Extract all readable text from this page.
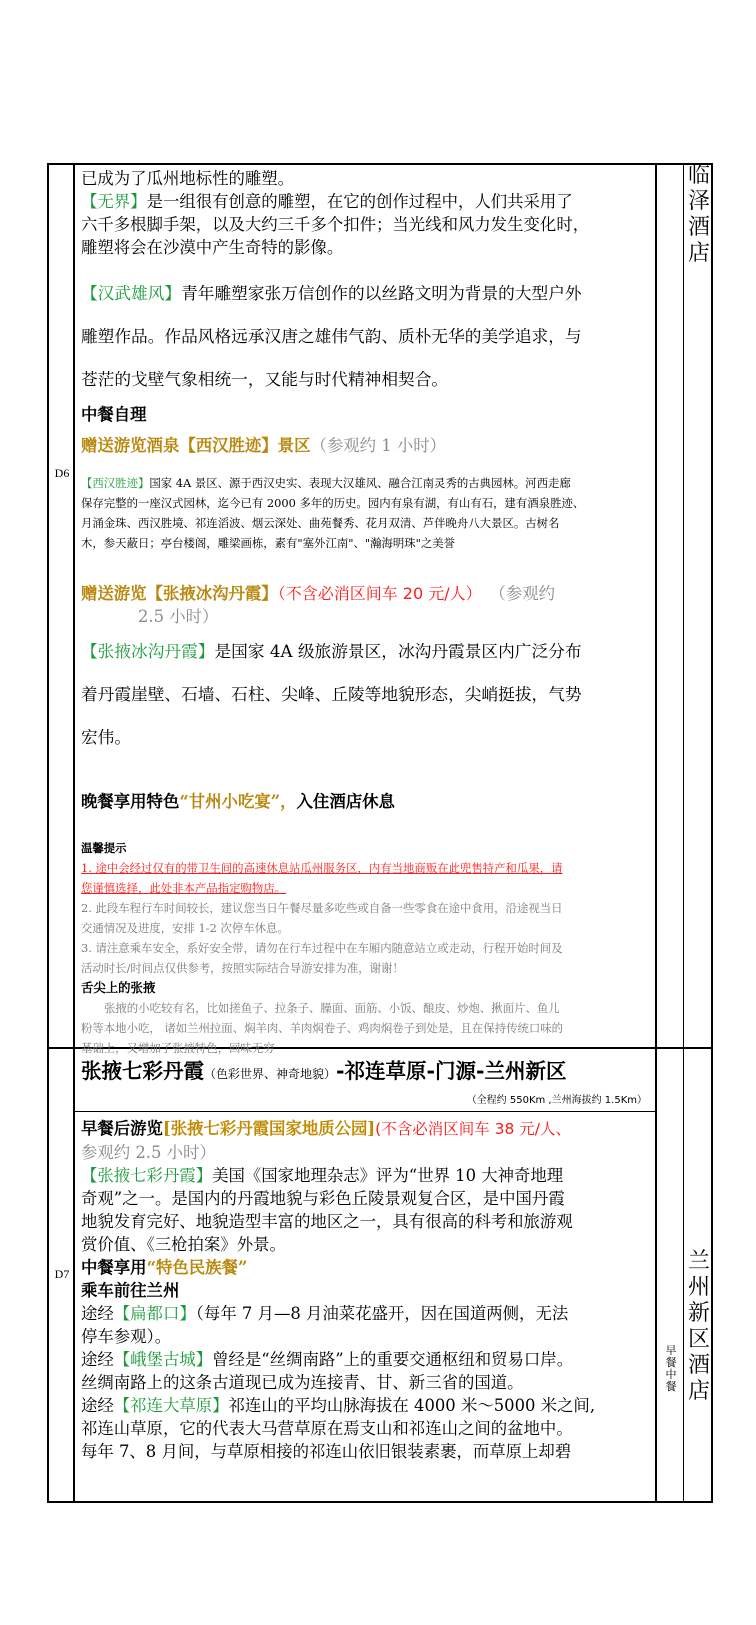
D6
临
泽
酒
店

已成为了瓜州地标性的雕塑。

【无界】是一组很有创意的雕塑，在它的创作过程中，人们共采用了

六千多根脚手架，以及大约三千多个扣件；当光线和风力发生变化时，

雕塑将会在沙漠中产生奇特的影像。

【汉武雄风】青年雕塑家张万信创作的以丝路文明为背景的大型户外

雕塑作品。作品风格远承汉唐之雄伟气韵、质朴无华的美学追求，与

苍茫的戈壁气象相统一，又能与时代精神相契合。

中餐自理

赠送游览酒泉【西汉胜迹】景区（参观约 1 小时）

【西汉胜迹】国家 4A 景区、源于西汉史实、表现大汉雄风、融合江南灵秀的古典园林。河西走廊

保存完整的一座汉式园林，迄今已有 2000 多年的历史。园内有泉有湖，有山有石，建有酒泉胜迹、

月涌金珠、西汉胜境、祁连滔波、烟云深处、曲苑餐秀、花月双清、芦伴晚舟八大景区。古树名

木，参天蔽日；亭台楼阁，雕梁画栋，素有"塞外江南"、"瀚海明珠"之美誉

赠送游览【张掖冰沟丹霞】（不含必消区间车 20 元/人） （参观约

2.5 小时）

【张掖冰沟丹霞】是国家 4A 级旅游景区，冰沟丹霞景区内广泛分布

着丹霞崖壁、石墙、石柱、尖峰、丘陵等地貌形态，尖峭挺拔，气势

宏伟。

晚餐享用特色“甘州小吃宴”，入住酒店休息

温馨提示

1. 途中会经过仅有的带卫生间的高速休息站瓜州服务区，内有当地商贩在此兜售特产和瓜果，请

您谨慎选择，此处非本产品指定购物店。

2. 此段车程行车时间较长，建议您当日午餐尽量多吃些或自备一些零食在途中食用，沿途视当日

交通情况及进度，安排 1-2 次停车休息。

3. 请注意乘车安全，系好安全带，请勿在行车过程中在车厢内随意站立或走动，行程开始时间及

活动时长/时间点仅供参考，按照实际结合导游安排为准，谢谢！

舌尖上的张掖

张掖的小吃较有名，比如搓鱼子、拉条子、臊面、面筋、小饭、酿皮、炒炮、揪面片、鱼儿

粉等本地小吃， 诸如兰州拉面、焖羊肉、羊肉焖卷子、鸡肉焖卷子到处是，且在保持传统口味的

基础上，又增加了张掖特色，回味无穷

D7
早
餐
中
餐
兰
州
新
区
酒
店

张掖七彩丹霞（色彩世界、神奇地貌）-祁连草原-门源-兰州新区

（全程约 550Km ,兰州海拔约 1.5Km）

早餐后游览[张掖七彩丹霞国家地质公园](不含必消区间车 38 元/人、

参观约 2.5 小时）

【张掖七彩丹霞】美国《国家地理杂志》评为“世界 10 大神奇地理

奇观”之一。是国内的丹霞地貌与彩色丘陵景观复合区，是中国丹霞

地貌发育完好、地貌造型丰富的地区之一，具有很高的科考和旅游观

赏价值、《三枪拍案》外景。

中餐享用“特色民族餐”

乘车前往兰州

途经【扁都口】（每年 7 月—8 月油菜花盛开，因在国道两侧，无法

停车参观）。

途经【峨堡古城】曾经是“丝绸南路”上的重要交通枢纽和贸易口岸。

丝绸南路上的这条古道现已成为连接青、甘、新三省的国道。

途经【祁连大草原】祁连山的平均山脉海拔在 4000 米～5000 米之间,

祁连山草原，它的代表大马营草原在焉支山和祁连山之间的盆地中。

每年 7、8 月间，与草原相接的祁连山依旧银装素裹，而草原上却碧
